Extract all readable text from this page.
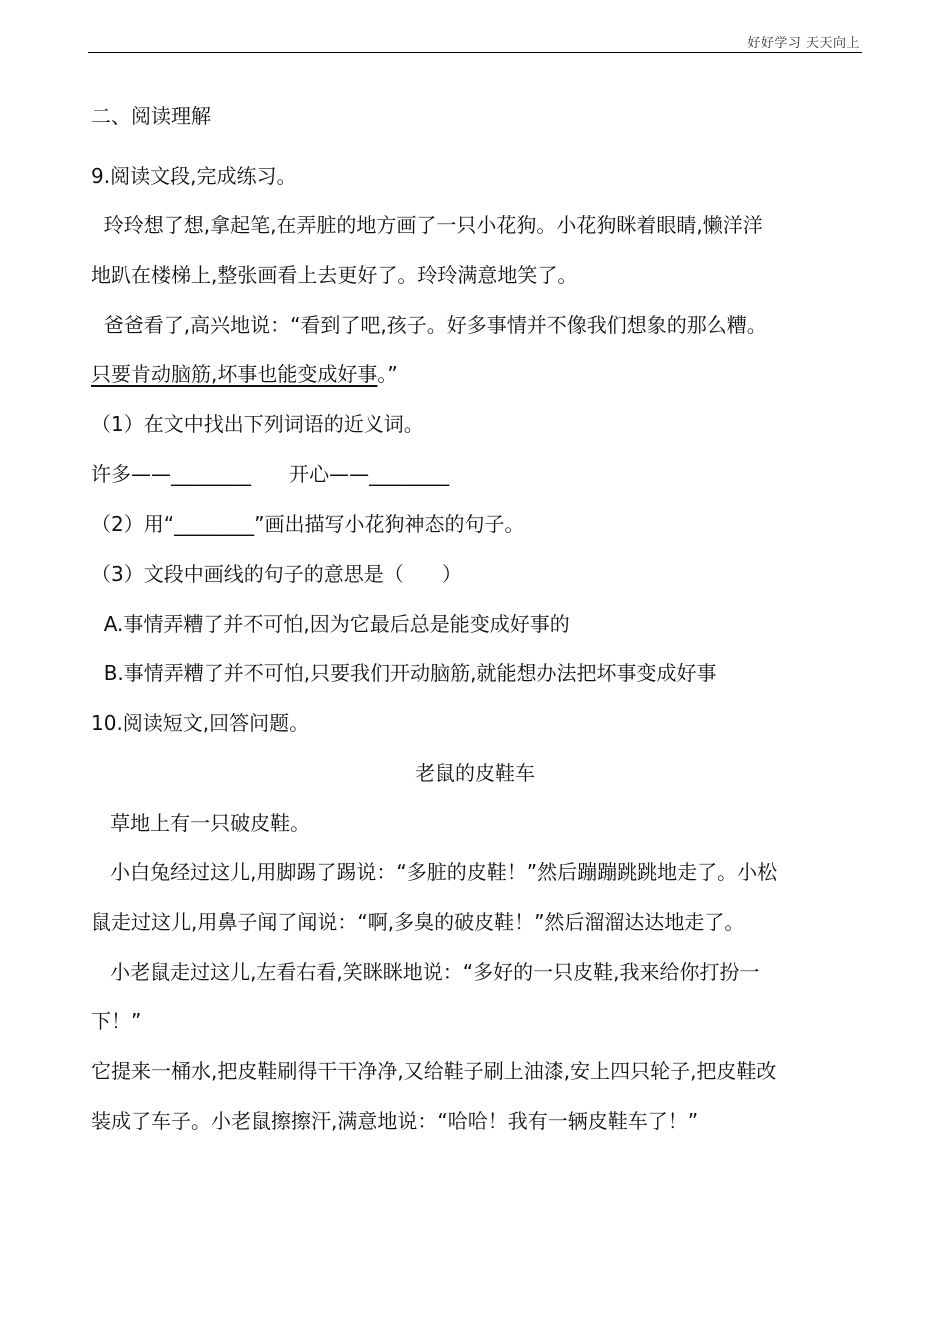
好好学习 天天向上
二、阅读理解
9.阅读文段,完成练习。
玲玲想了想,拿起笔,在弄脏的地方画了一只小花狗。小花狗眯着眼睛,懒洋洋
地趴在楼梯上,整张画看上去更好了。玲玲满意地笑了。
爸爸看了,高兴地说：“看到了吧,孩子。好多事情并不像我们想象的那么糟。
只要肯动脑筋,坏事也能变成好事。”
（1）在文中找出下列词语的近义词。
许多——________      开心——________
（2）用“________”画出描写小花狗神态的句子。
（3）文段中画线的句子的意思是（      ）
A.事情弄糟了并不可怕,因为它最后总是能变成好事的
B.事情弄糟了并不可怕,只要我们开动脑筋,就能想办法把坏事变成好事
10.阅读短文,回答问题。
老鼠的皮鞋车
草地上有一只破皮鞋。
小白兔经过这儿,用脚踢了踢说：“多脏的皮鞋！”然后蹦蹦跳跳地走了。小松
鼠走过这儿,用鼻子闻了闻说：“啊,多臭的破皮鞋！”然后溜溜达达地走了。
小老鼠走过这儿,左看右看,笑眯眯地说：“多好的一只皮鞋,我来给你打扮一
下！”
它提来一桶水,把皮鞋刷得干干净净,又给鞋子刷上油漆,安上四只轮子,把皮鞋改
装成了车子。小老鼠擦擦汗,满意地说：“哈哈！我有一辆皮鞋车了！”
